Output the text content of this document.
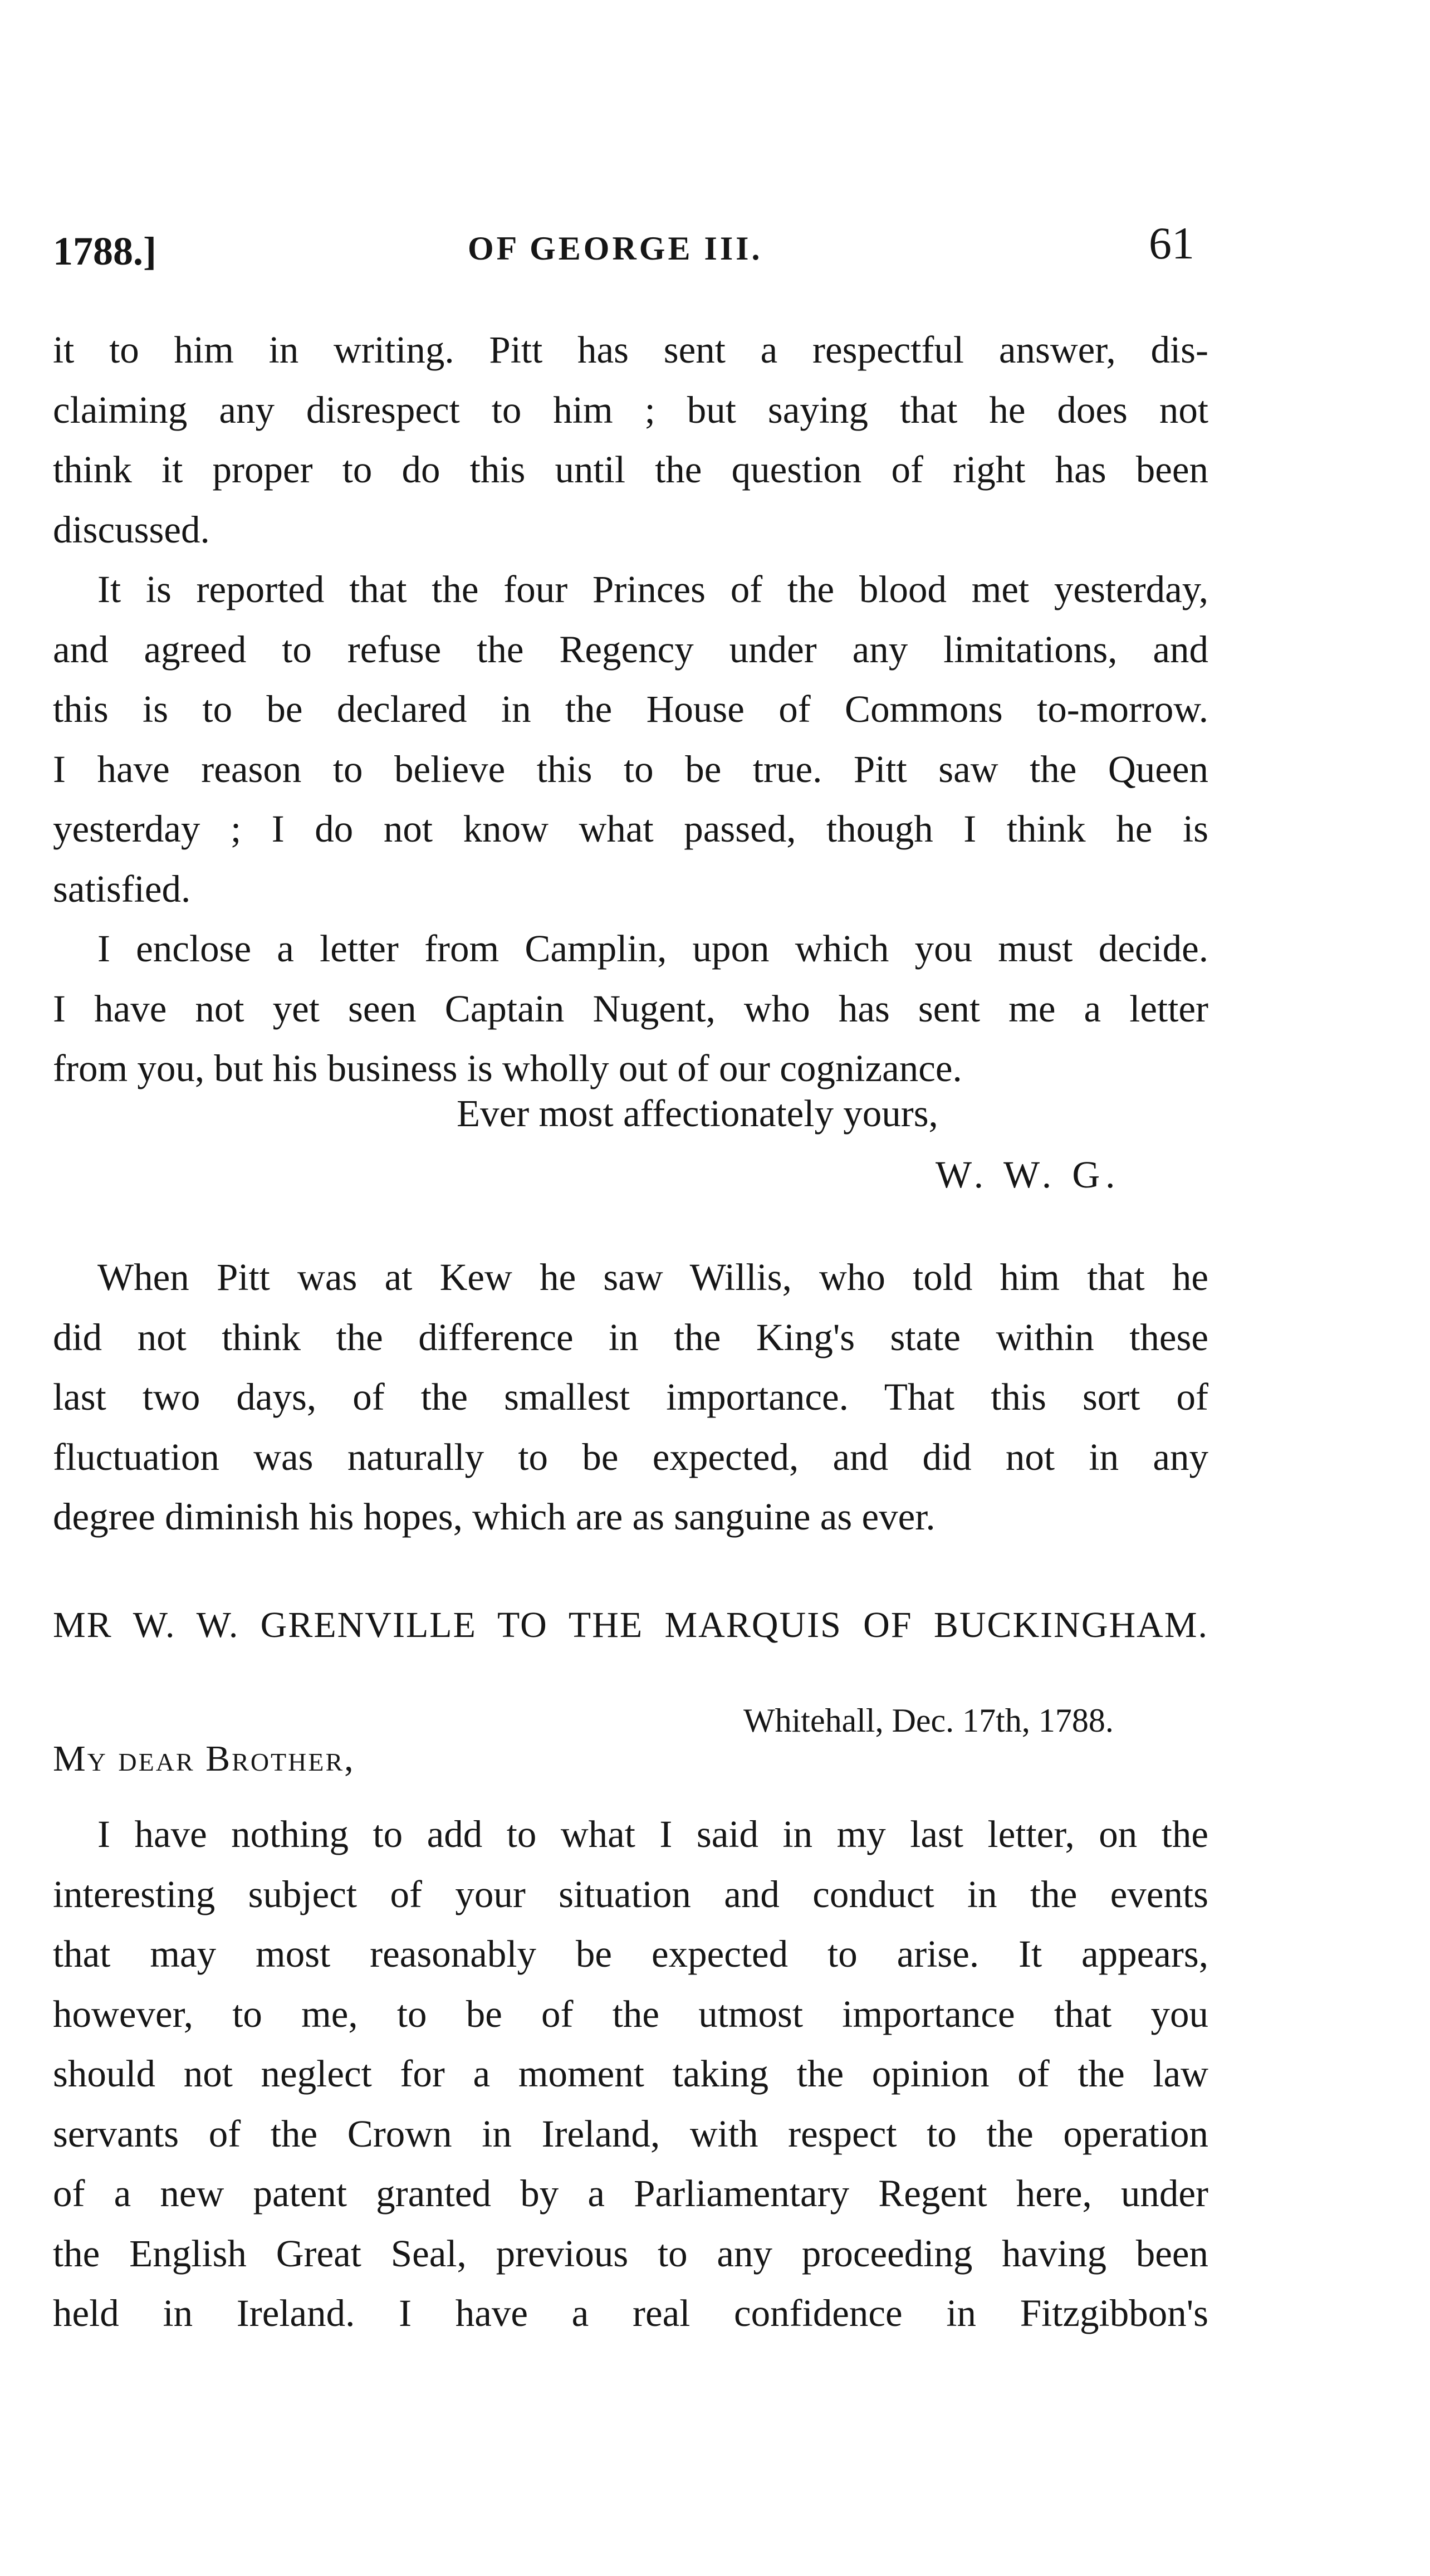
1788.]	OF GEORGE III.	61
it to him in writing. Pitt has sent a respectful answer, dis-
claiming any disrespect to him ; but saying that he does not
think it proper to do this until the question of right has been
discussed.
It is reported that the four Princes of the blood met yesterday,
and agreed to refuse the Regency under any limitations, and
this is to be declared in the House of Commons to-morrow.
I have reason to believe this to be true. Pitt saw the Queen
yesterday ; I do not know what passed, though I think he is
satisfied.
I enclose a letter from Camplin, upon which you must decide.
I have not yet seen Captain Nugent, who has sent me a letter
from you, but his business is wholly out of our cognizance.
Ever most affectionately yours,
W. W. G.
When Pitt was at Kew he saw Willis, who told him that he
did not think the difference in the King's state within these
last two days, of the smallest importance. That this sort of
fluctuation was naturally to be expected, and did not in any
degree diminish his hopes, which are as sanguine as ever.
MR W. W. GRENVILLE TO THE MARQUIS OF BUCKINGHAM.
Whitehall, Dec. 17th, 1788.
My dear Brother,
I have nothing to add to what I said in my last letter, on the
interesting subject of your situation and conduct in the events
that may most reasonably be expected to arise. It appears,
however, to me, to be of the utmost importance that you
should not neglect for a moment taking the opinion of the law
servants of the Crown in Ireland, with respect to the operation
of a new patent granted by a Parliamentary Regent here, under
the English Great Seal, previous to any proceeding having been
held in Ireland. I have a real confidence in Fitzgibbon's
